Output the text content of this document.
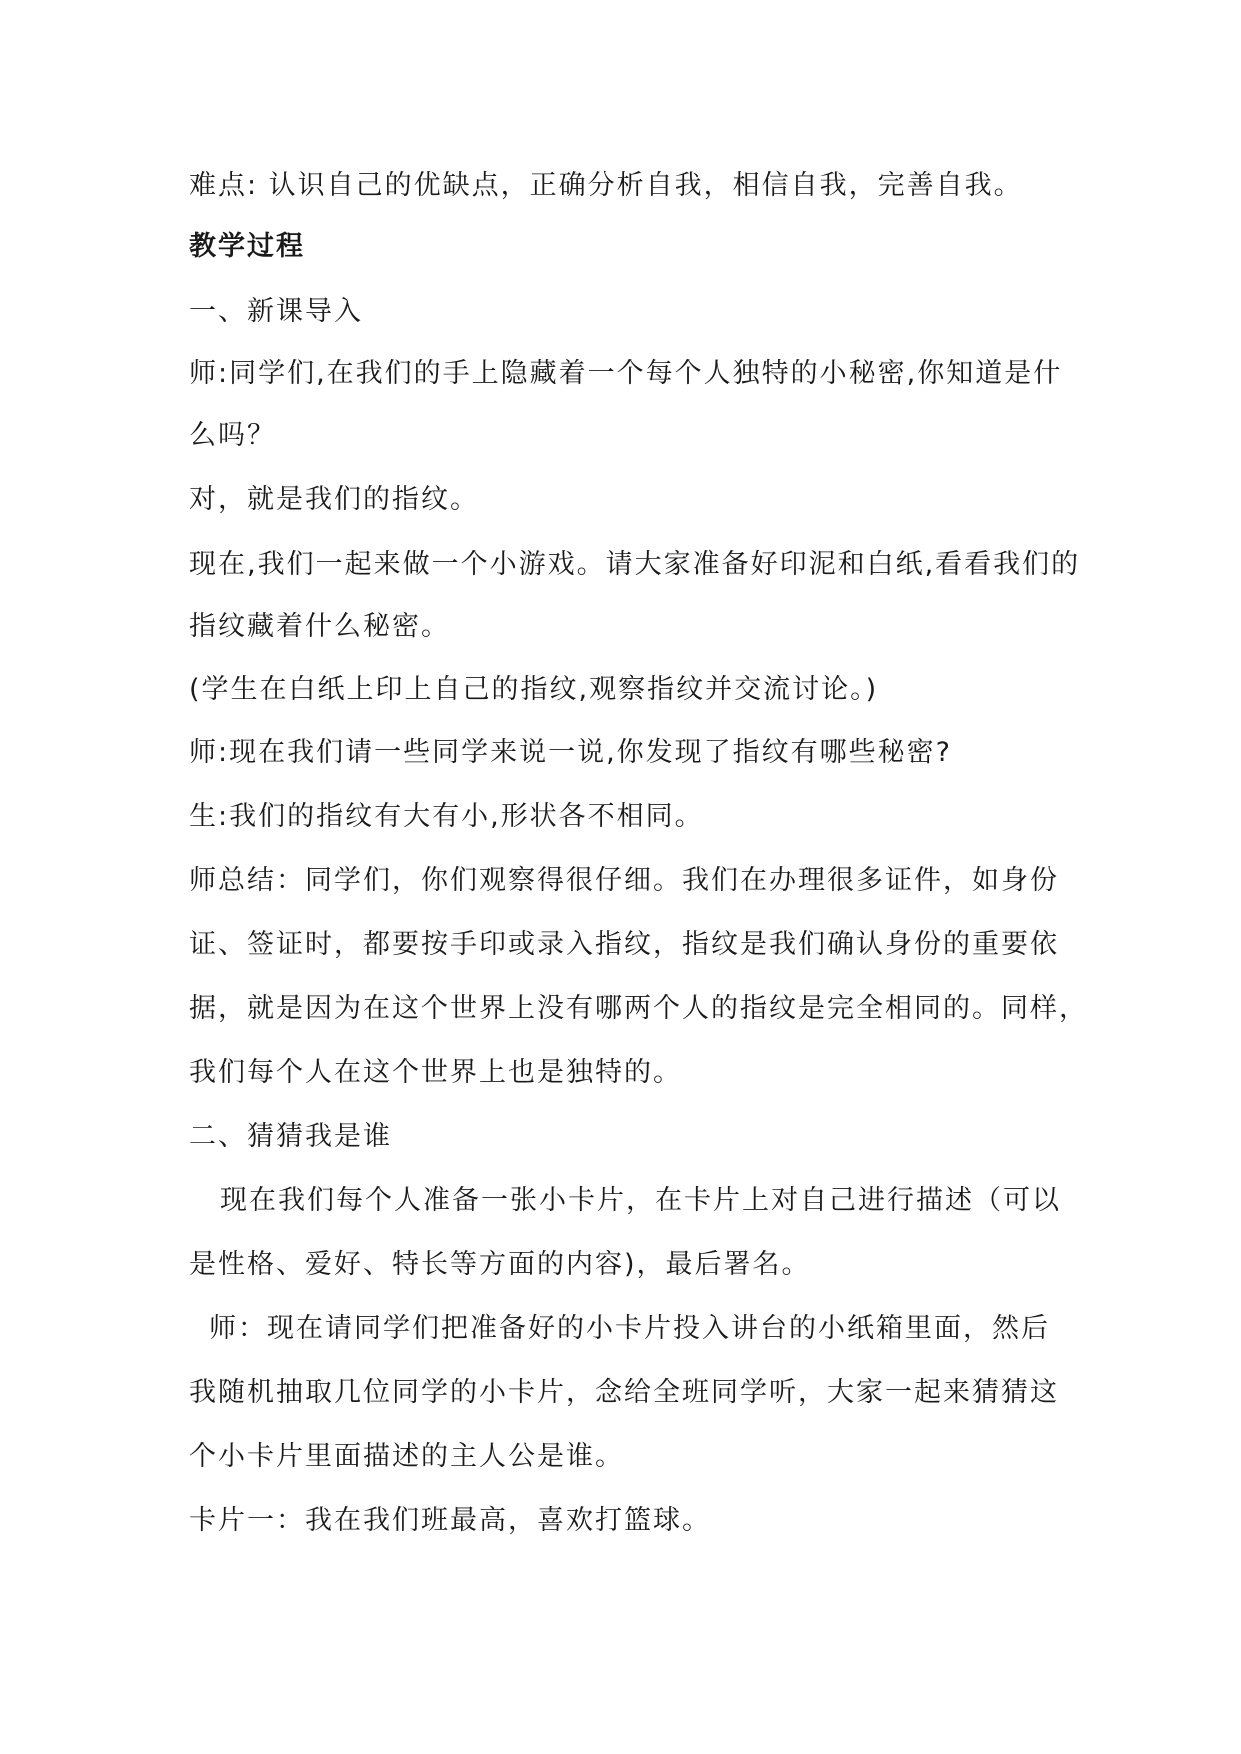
难点: 认识自己的优缺点，正确分析自我，相信自我，完善自我。
教学过程
一、新课导入
师:同学们,在我们的手上隐藏着一个每个人独特的小秘密,你知道是什
么吗？
对，就是我们的指纹。
现在,我们一起来做一个小游戏。请大家准备好印泥和白纸,看看我们的
指纹藏着什么秘密。
(学生在白纸上印上自己的指纹,观察指纹并交流讨论。)
师:现在我们请一些同学来说一说,你发现了指纹有哪些秘密?
生:我们的指纹有大有小,形状各不相同。
师总结：同学们，你们观察得很仔细。我们在办理很多证件，如身份
证、签证时，都要按手印或录入指纹，指纹是我们确认身份的重要依
据，就是因为在这个世界上没有哪两个人的指纹是完全相同的。同样，
我们每个人在这个世界上也是独特的。
二、猜猜我是谁
现在我们每个人准备一张小卡片，在卡片上对自己进行描述（可以
是性格、爱好、特长等方面的内容)，最后署名。
师：现在请同学们把准备好的小卡片投入讲台的小纸箱里面，然后
我随机抽取几位同学的小卡片，念给全班同学听，大家一起来猜猜这
个小卡片里面描述的主人公是谁。
卡片一：我在我们班最高，喜欢打篮球。
